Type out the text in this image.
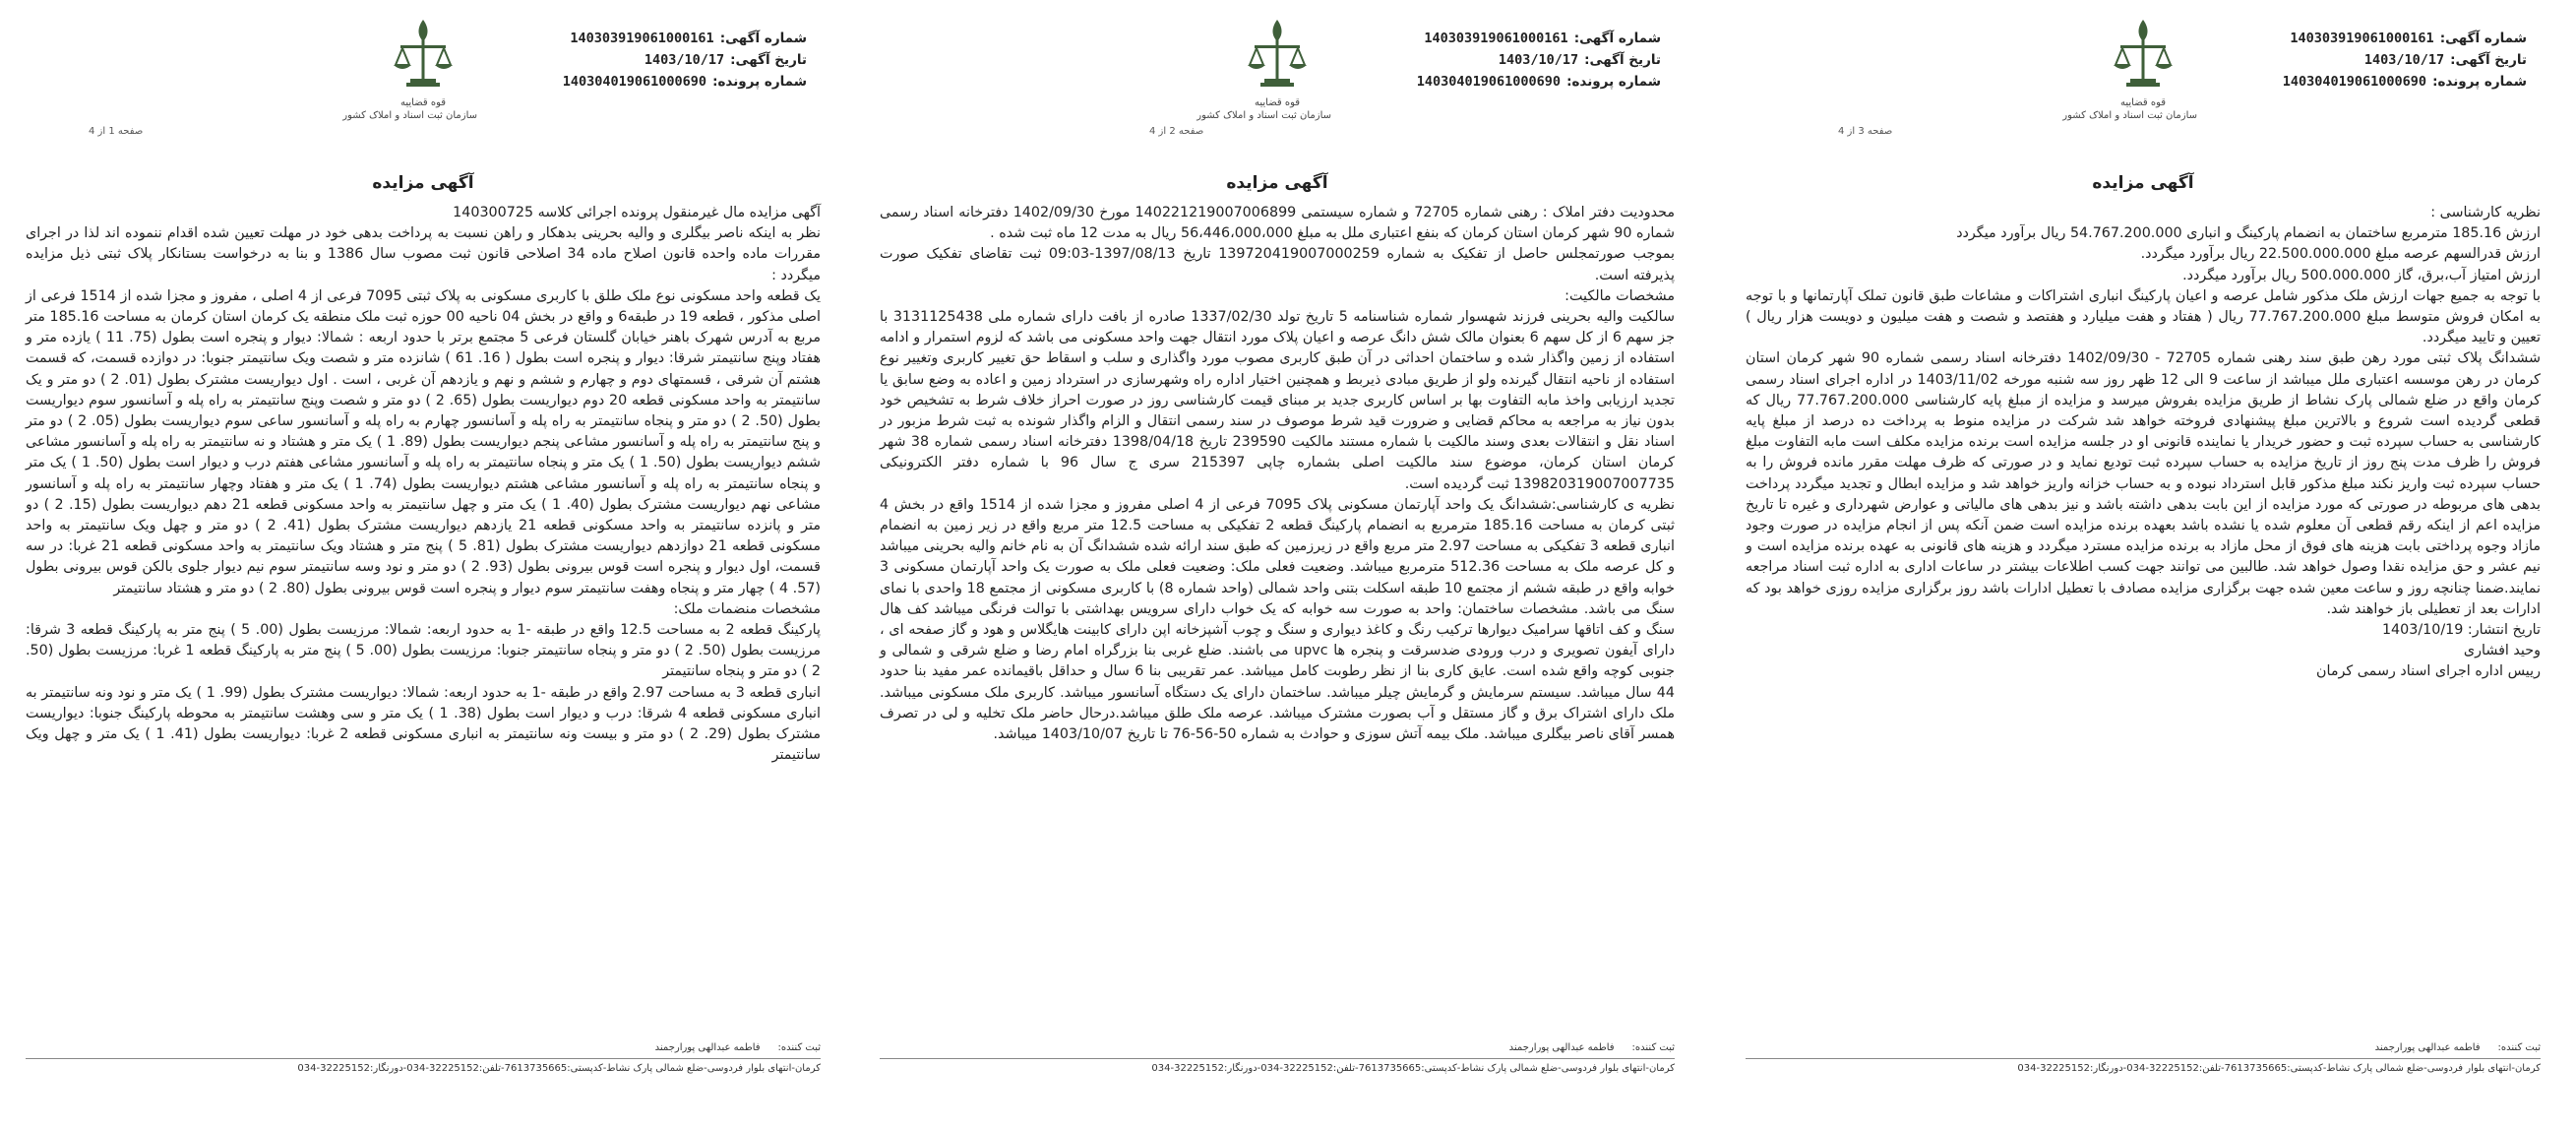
شماره آگهی:140303919061000161
تاریخ آگهی:1403/10/17
شماره پرونده:140304019061000690
قوه قضاییه
سازمان ثبت اسناد و املاک کشور
صفحه 3 از 4
آگهی مزایده

نظریه کارشناسی :

ارزش 185.16 مترمربع ساختمان به انضمام پارکینگ و انباری 54.767.200.000 ریال برآورد میگردد

ارزش قدرالسهم عرصه مبلغ 22.500.000.000 ریال برآورد میگردد.

ارزش امتیاز آب،برق، گاز 500.000.000 ریال برآورد میگردد.

با توجه به جمیع جهات ارزش ملک مذکور شامل عرصه و اعیان پارکینگ انباری اشتراکات و مشاعات طبق قانون تملک آپارتمانها و با توجه به امکان فروش متوسط مبلغ 77.767.200.000 ریال ( هفتاد و هفت میلیارد و هفتصد و شصت و هفت میلیون و دویست هزار ریال ) تعیین و تایید میگردد.

ششدانگ پلاک ثبتی مورد رهن طبق سند رهنی شماره 72705 - 1402/09/30 دفترخانه اسناد رسمی شماره 90 شهر کرمان استان کرمان در رهن موسسه اعتباری ملل میباشد از ساعت 9 الی 12 ظهر روز سه شنبه مورخه 1403/11/02 در اداره اجرای اسناد رسمی کرمان واقع در ضلع شمالی پارک نشاط از طریق مزایده بفروش میرسد و مزایده از مبلغ پایه کارشناسی 77.767.200.000 ریال که قطعی گردیده است شروع و بالاترین مبلغ پیشنهادی فروخته خواهد شد شرکت در مزایده منوط به پرداخت ده درصد از مبلغ پایه کارشناسی به حساب سپرده ثبت و حضور خریدار یا نماینده قانونی او در جلسه مزایده است برنده مزایده مکلف است مابه التفاوت مبلغ فروش را ظرف مدت پنج روز از تاریخ مزایده به حساب سپرده ثبت تودیع نماید و در صورتی که ظرف مهلت مقرر مانده فروش را به حساب سپرده ثبت واریز نکند مبلغ مذکور قابل استرداد نبوده و به حساب خزانه واریز خواهد شد و مزایده ابطال و تجدید میگردد پرداخت بدهی های مربوطه در صورتی که مورد مزایده از این بابت بدهی داشته باشد و نیز بدهی های مالیاتی و عوارض شهرداری و غیره تا تاریخ مزایده اعم از اینکه رقم قطعی آن معلوم شده یا نشده باشد بعهده برنده مزایده است ضمن آنکه پس از انجام مزایده در صورت وجود مازاد وجوه پرداختی بابت هزینه های فوق از محل مازاد به برنده مزایده مسترد میگردد و هزینه های قانونی به عهده برنده مزایده است و نیم عشر و حق مزایده نقدا وصول خواهد شد. طالبین می توانند جهت کسب اطلاعات بیشتر در ساعات اداری به اداره ثبت اسناد مراجعه نمایند.ضمنا چنانچه روز و ساعت معین شده جهت برگزاری مزایده مصادف با تعطیل ادارات باشد روز برگزاری مزایده روزی خواهد بود که ادارات بعد از تعطیلی باز خواهند شد.

تاریخ انتشار: 1403/10/19

وحید افشاری

رییس اداره اجرای اسناد رسمی کرمان

ثبت کننده:
فاطمه عبدالهی پورارجمند
کرمان-انتهای بلوار فردوسی-ضلع شمالی پارک نشاط-کدپستی:7613735665-تلفن:32225152-034-دورنگار:32225152-034
شماره آگهی:140303919061000161
تاریخ آگهی:1403/10/17
شماره پرونده:140304019061000690
قوه قضاییه
سازمان ثبت اسناد و املاک کشور
صفحه 2 از 4
آگهی مزایده

محدودیت دفتر املاک : رهنی شماره 72705 و شماره سیستمی 140221219007006899 مورخ 1402/09/30 دفترخانه اسناد رسمی شماره 90 شهر کرمان استان کرمان که بنفع اعتباری ملل به مبلغ 56،446،000،000 ریال به مدت 12 ماه ثبت شده .

بموجب صورتمجلس حاصل از تفکیک به شماره 139720419007000259 تاریخ 1397/08/13-09:03 ثبت تقاضای تفکیک صورت پذیرفته است.

مشخصات مالکیت:

سالکیت والیه بحرینی فرزند شهسوار شماره شناسنامه 5 تاریخ تولد 1337/02/30 صادره از بافت دارای شماره ملی 3131125438 با جز سهم 6 از کل سهم 6 بعنوان مالک شش دانگ عرصه و اعیان پلاک مورد انتقال جهت واحد مسکونی می باشد که لزوم استمرار و ادامه استفاده از زمین واگذار شده و ساختمان احداثی در آن طبق کاربری مصوب مورد واگذاری و سلب و اسقاط حق تغییر کاربری وتغییر نوع استفاده از ناحیه انتقال گیرنده ولو از طریق مبادی ذیربط و همچنین اختیار اداره راه وشهرسازی در استرداد زمین و اعاده به وضع سابق یا تجدید ارزیابی واخذ مابه التفاوت بها بر اساس کاربری جدید بر مبنای قیمت کارشناسی روز در صورت احراز خلاف شرط به تشخیص خود بدون نیاز به مراجعه به محاکم قضایی و ضرورت قید شرط موصوف در سند رسمی انتقال و الزام واگذار شونده به ثبت شرط مزبور در اسناد نقل و انتقالات بعدی وسند مالکیت با شماره مستند مالکیت 239590 تاریخ 1398/04/18 دفترخانه اسناد رسمی شماره 38 شهر کرمان استان کرمان، موضوع سند مالکیت اصلی بشماره چاپی 215397 سری ج سال 96 با شماره دفتر الکترونیکی 139820319007007735 ثبت گردیده است.

نظریه ی کارشناسی:ششدانگ یک واحد آپارتمان مسکونی پلاک 7095 فرعی از 4 اصلی مفروز و مجزا شده از 1514 واقع در بخش 4 ثبتی کرمان به مساحت 185.16 مترمربع به انضمام پارکینگ قطعه 2 تفکیکی به مساحت 12.5 متر مربع واقع در زیر زمین به انضمام انباری قطعه 3 تفکیکی به مساحت 2.97 متر مربع واقع در زیرزمین که طبق سند ارائه شده ششدانگ آن به نام خانم والیه بحرینی میباشد و کل عرصه ملک به مساحت 512.36 مترمربع میباشد. وضعیت فعلی ملک: وضعیت فعلی ملک به صورت یک واحد آپارتمان مسکونی 3 خوابه واقع در طبقه ششم از مجتمع 10 طبقه اسکلت بتنی واحد شمالی (واحد شماره 8) با کاربری مسکونی از مجتمع 18 واحدی با نمای سنگ می باشد. مشخصات ساختمان: واحد به صورت سه خوابه که یک خواب دارای سرویس بهداشتی با توالت فرنگی میباشد کف هال سنگ و کف اتاقها سرامیک دیوارها ترکیب رنگ و کاغذ دیواری و سنگ و چوب آشپزخانه اپن دارای کابینت هایگلاس و هود و گاز صفحه ای ، دارای آیفون تصویری و درب ورودی ضدسرقت و پنجره ها upvc می باشند. ضلع غربی بنا بزرگراه امام رضا و ضلع شرقی و شمالی و جنوبی کوچه واقع شده است. عایق کاری بنا از نظر رطوبت کامل میباشد. عمر تقریبی بنا 6 سال و حداقل باقیمانده عمر مفید بنا حدود 44 سال میباشد. سیستم سرمایش و گرمایش چیلر میباشد. ساختمان دارای یک دستگاه آسانسور میباشد. کاربری ملک مسکونی میباشد. ملک دارای اشتراک برق و گاز مستقل و آب بصورت مشترک میباشد. عرصه ملک طلق میباشد.درحال حاضر ملک تخلیه و لی در تصرف همسر آقای ناصر بیگلری میباشد. ملک بیمه آتش سوزی و حوادث به شماره 50-56-76 تا تاریخ 1403/10/07 میباشد.

ثبت کننده:
فاطمه عبدالهی پورارجمند
کرمان-انتهای بلوار فردوسی-ضلع شمالی پارک نشاط-کدپستی:7613735665-تلفن:32225152-034-دورنگار:32225152-034
شماره آگهی:140303919061000161
تاریخ آگهی:1403/10/17
شماره پرونده:140304019061000690
قوه قضاییه
سازمان ثبت اسناد و املاک کشور
صفحه 1 از 4
آگهی مزایده

آگهی مزایده مال غیرمنقول پرونده اجرائی کلاسه 140300725

نظر به اینکه ناصر بیگلری و والیه بحرینی بدهکار و راهن نسبت به پرداخت بدهی خود در مهلت تعیین شده اقدام ننموده اند لذا در اجرای مقررات ماده واحده قانون اصلاح ماده 34 اصلاحی قانون ثبت مصوب سال 1386 و بنا به درخواست بستانکار پلاک ثبتی ذیل مزایده میگردد :

یک قطعه واحد مسکونی نوع ملک طلق با کاربری مسکونی به پلاک ثبتی 7095 فرعی از 4 اصلی ، مفروز و مجزا شده از 1514 فرعی از اصلی مذکور ، قطعه 19 در طبقه6 و واقع در بخش 04 ناحیه 00 حوزه ثبت ملک منطقه یک کرمان استان کرمان به مساحت 185.16 متر مربع به آدرس شهرک باهنر خیابان گلستان فرعی 5 مجتمع برتر با حدود اربعه : شمالا: دیوار و پنجره است بطول (75. 11 ) یازده متر و هفتاد وپنج سانتیمتر شرقا: دیوار و پنجره است بطول ( 16. 61 ) شانزده متر و شصت ویک سانتیمتر جنوبا: در دوازده قسمت، که قسمت هشتم آن شرقی ، قسمتهای دوم و چهارم و ششم و نهم و یازدهم آن غربی ، است . اول دیواریست مشترک بطول (01. 2 ) دو متر و یک سانتیمتر به واحد مسکونی قطعه 20 دوم دیواریست بطول (65. 2 ) دو متر و شصت وپنج سانتیمتر به راه پله و آسانسور سوم دیواریست بطول (50. 2 ) دو متر و پنجاه سانتیمتر به راه پله و آسانسور چهارم به راه پله و آسانسور ساعی سوم دیواریست بطول (05. 2 ) دو متر و پنج سانتیمتر به راه پله و آسانسور مشاعی پنجم دیواریست بطول (89. 1 ) یک متر و هشتاد و نه سانتیمتر به راه پله و آسانسور مشاعی ششم دیواریست بطول (50. 1 ) یک متر و پنجاه سانتیمتر به راه پله و آسانسور مشاعی هفتم درب و دیوار است بطول (50. 1 ) یک متر و پنجاه سانتیمتر به راه پله و آسانسور مشاعی هشتم دیواریست بطول (74. 1 ) یک متر و هفتاد وچهار سانتیمتر به راه پله و آسانسور مشاعی نهم دیواریست مشترک بطول (40. 1 ) یک متر و چهل سانتیمتر به واحد مسکونی قطعه 21 دهم دیواریست بطول (15. 2 ) دو متر و پانزده سانتیمتر به واحد مسکونی قطعه 21 یازدهم دیواریست مشترک بطول (41. 2 ) دو متر و چهل ویک سانتیمتر به واحد مسکونی قطعه 21 دوازدهم دیواریست مشترک بطول (81. 5 ) پنج متر و هشتاد ویک سانتیمتر به واحد مسکونی قطعه 21 غربا: در سه قسمت، اول دیوار و پنجره است قوس بیرونی بطول (93. 2 ) دو متر و نود وسه سانتیمتر سوم نیم دیوار جلوی بالکن قوس بیرونی بطول (57. 4 ) چهار متر و پنجاه وهفت سانتیمتر سوم دیوار و پنجره است قوس بیرونی بطول (80. 2 ) دو متر و هشتاد سانتیمتر

مشخصات منضمات ملک:

پارکینگ قطعه 2 به مساحت 12.5 واقع در طبقه -1 به حدود اربعه: شمالا: مرزیست بطول (00. 5 ) پنج متر به پارکینگ قطعه 3 شرقا: مرزیست بطول (50. 2 ) دو متر و پنجاه سانتیمتر جنوبا: مرزیست بطول (00. 5 ) پنج متر به پارکینگ قطعه 1 غربا: مرزیست بطول (50. 2 ) دو متر و پنجاه سانتیمتر

انباری قطعه 3 به مساحت 2.97 واقع در طبقه -1 به حدود اربعه: شمالا: دیواریست مشترک بطول (99. 1 ) یک متر و نود ونه سانتیمتر به انباری مسکونی قطعه 4 شرقا: درب و دیوار است بطول (38. 1 ) یک متر و سی وهشت سانتیمتر به محوطه پارکینگ جنوبا: دیواریست مشترک بطول (29. 2 ) دو متر و بیست ونه سانتیمتر به انباری مسکونی قطعه 2 غربا: دیواریست بطول (41. 1 ) یک متر و چهل ویک سانتیمتر

ثبت کننده:
فاطمه عبدالهی پورارجمند
کرمان-انتهای بلوار فردوسی-ضلع شمالی پارک نشاط-کدپستی:7613735665-تلفن:32225152-034-دورنگار:32225152-034
